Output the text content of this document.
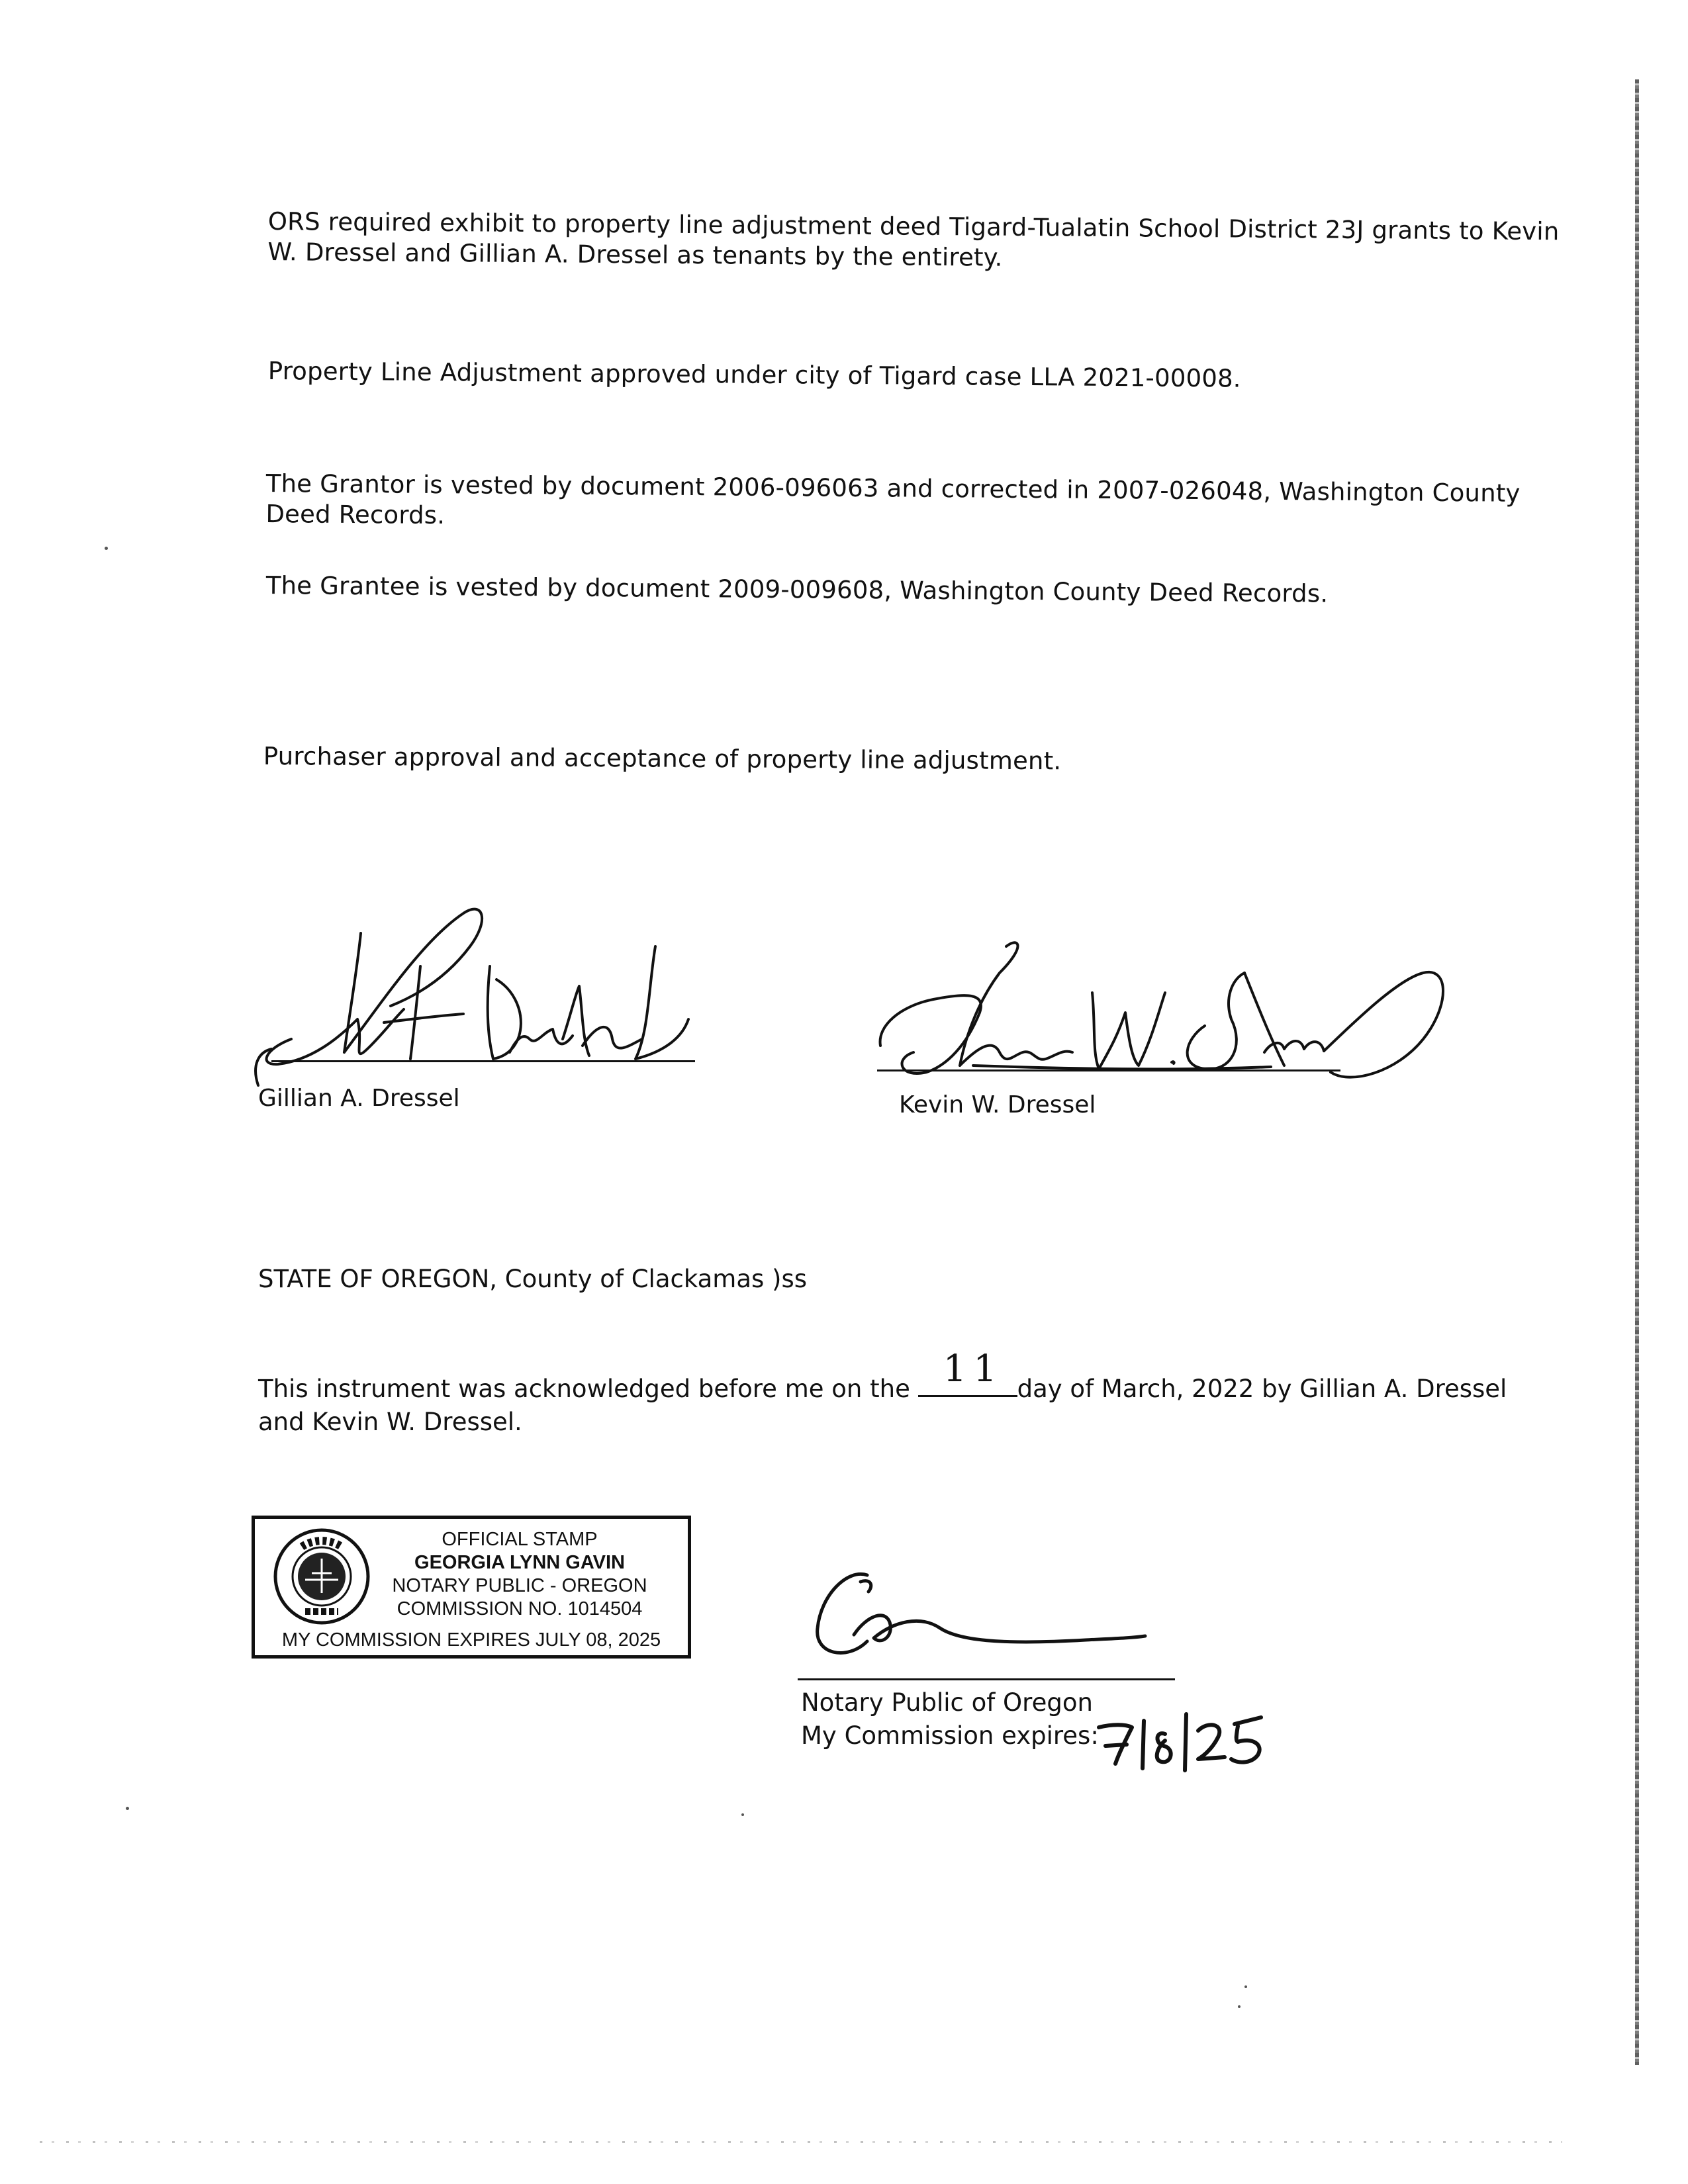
ORS required exhibit to property line adjustment deed Tigard-Tualatin School District 23J grants to Kevin
W. Dressel and Gillian A. Dressel as tenants by the entirety.
Property Line Adjustment approved under city of Tigard case LLA 2021-00008.
The Grantor is vested by document 2006-096063 and corrected in 2007-026048, Washington County
Deed Records.
The Grantee is vested by document 2009-009608, Washington County Deed Records.
Purchaser approval and acceptance of property line adjustment.
Gillian A. Dressel	Kevin W. Dressel
STATE OF OREGON, County of Clackamas )ss
This instrument was acknowledged before me on the 11 day of March, 2022 by Gillian A. Dressel
and Kevin W. Dressel.
OFFICIAL STAMP
GEORGIA LYNN GAVIN
NOTARY PUBLIC - OREGON
COMMISSION NO. 1014504
MY COMMISSION EXPIRES JULY 08, 2025
Notary Public of Oregon
My Commission expires:
